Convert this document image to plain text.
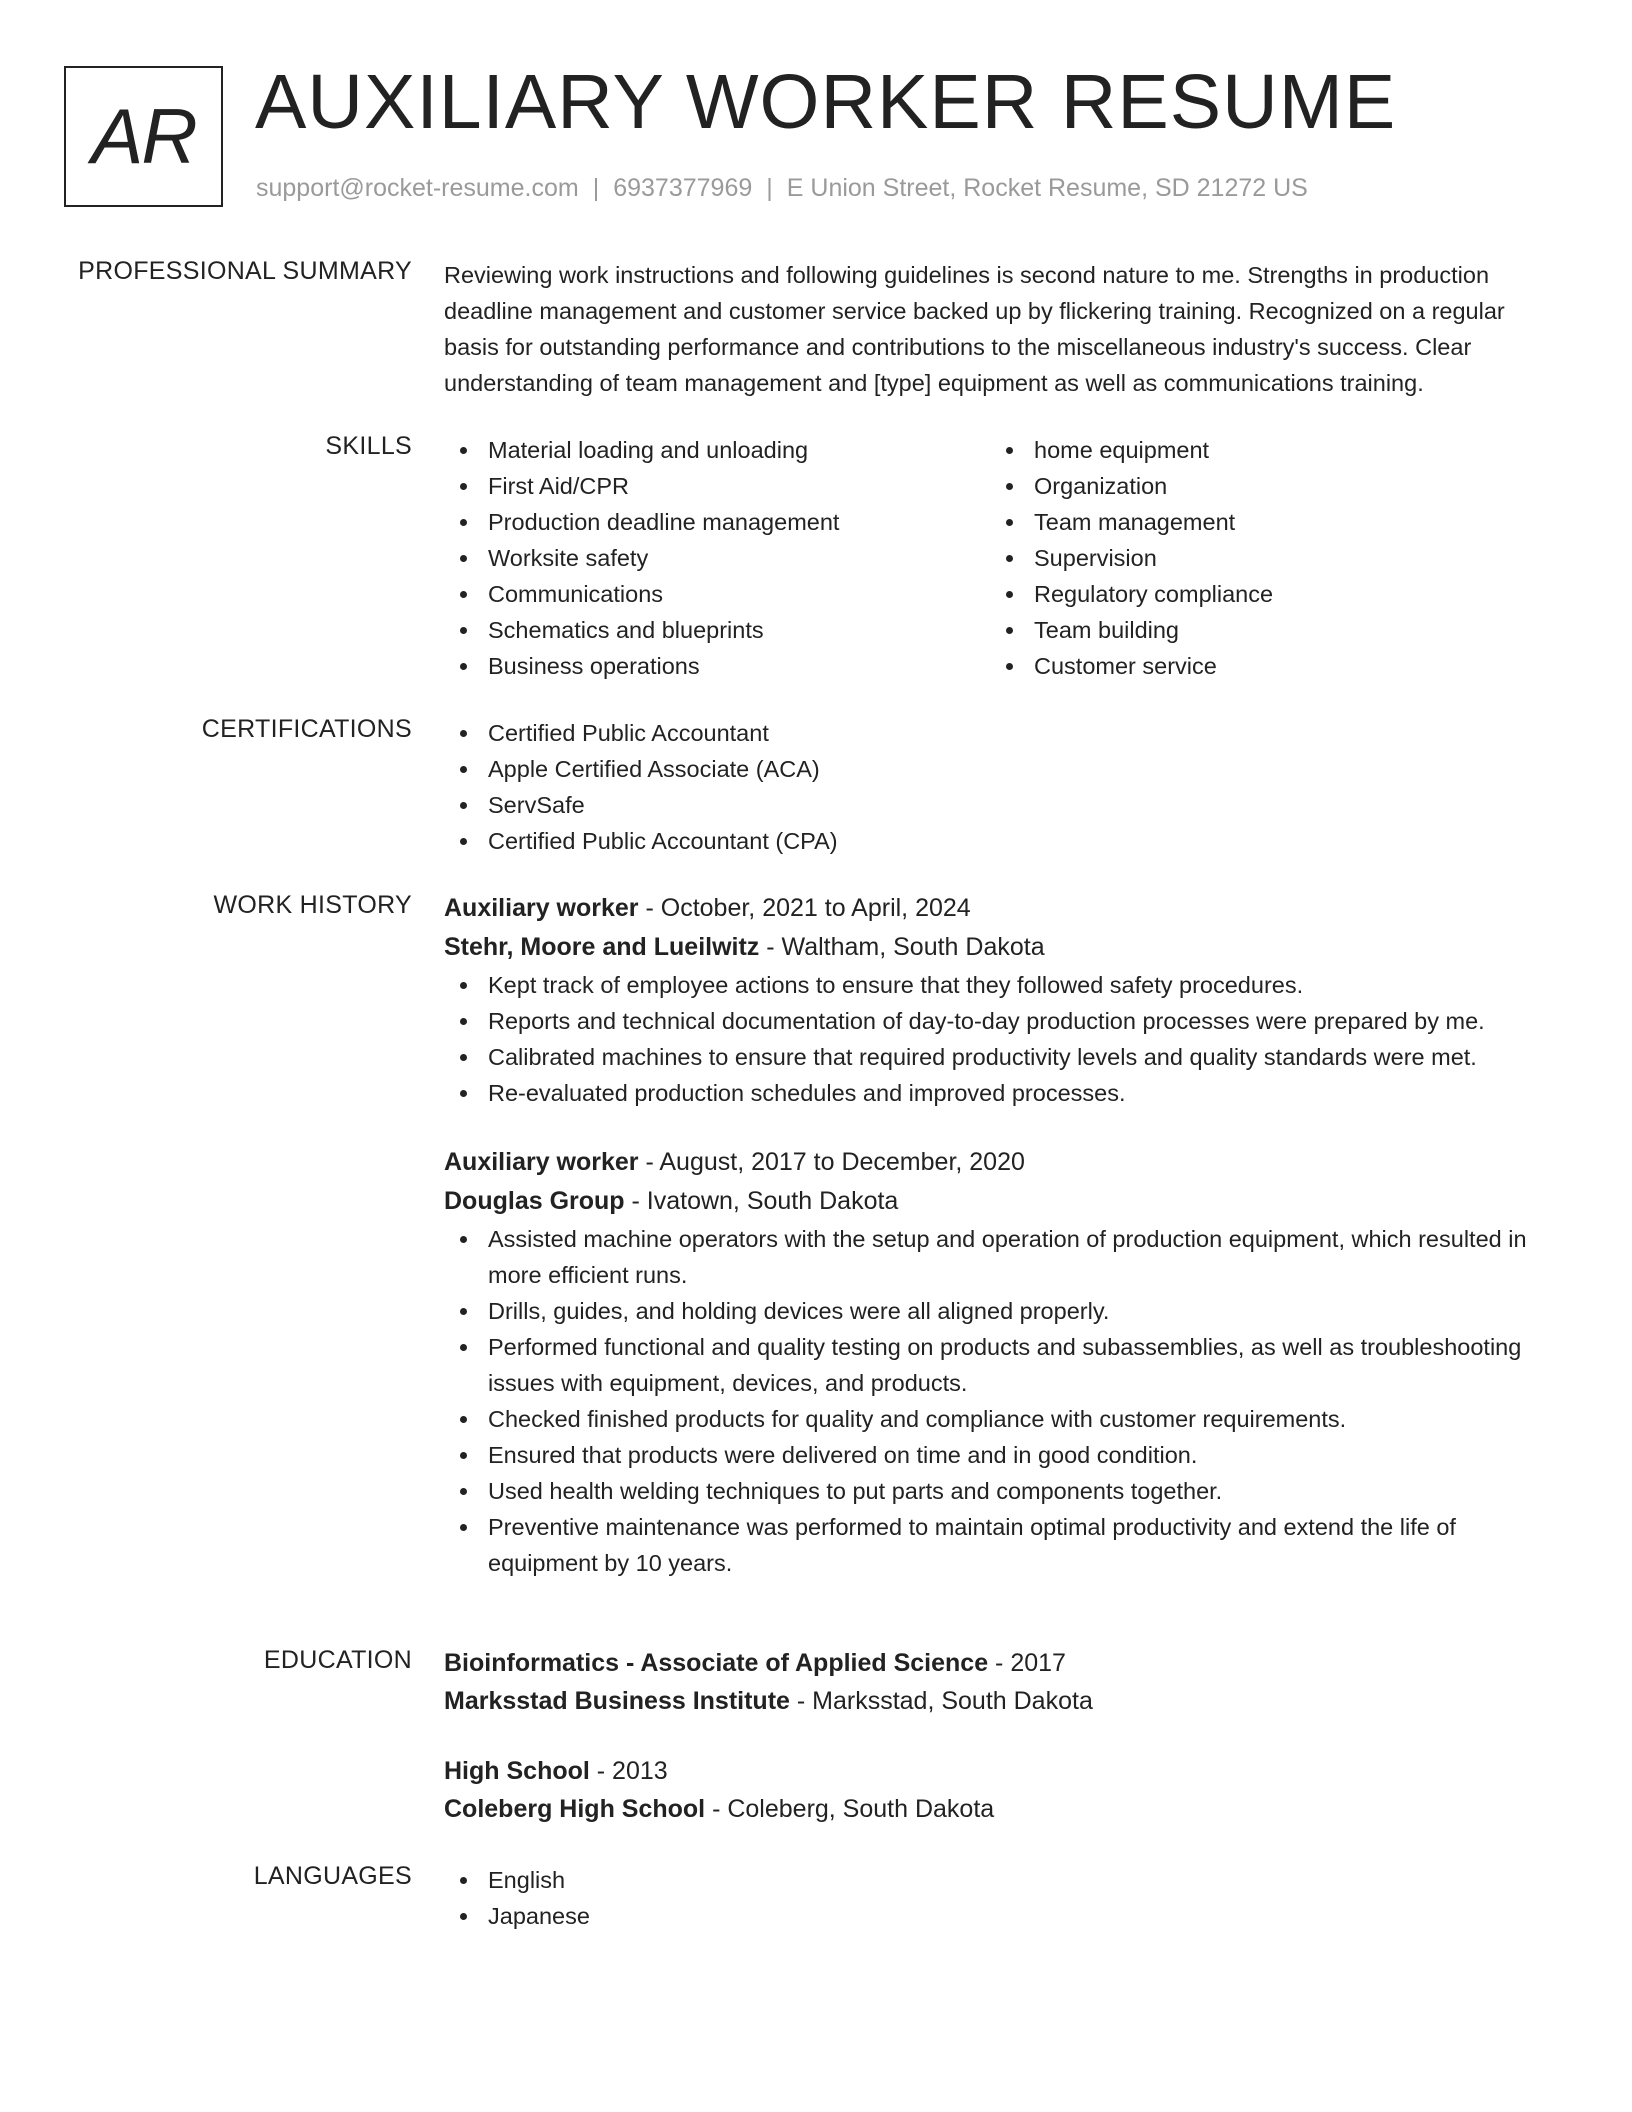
AR AUXILIARY WORKER RESUME
support@rocket-resume.com | 6937377969 | E Union Street, Rocket Resume, SD 21272 US
PROFESSIONAL SUMMARY Reviewing work instructions and following guidelines is second nature to me. Strengths in production deadline management and customer service backed up by flickering training. Recognized on a regular basis for outstanding performance and contributions to the miscellaneous industry's success. Clear understanding of team management and [type] equipment as well as communications training.

SKILLS	Material loading and unloading
First Aid/CPR
Production deadline management
Worksite safety
Communications
Schematics and blueprints
Business operations
home equipment
Organization
Team management
Supervision
Regulatory compliance
Team building
Customer service
CERTIFICATIONS	Certified Public Accountant
Apple Certified Associate (ACA)
ServSafe
Certified Public Accountant (CPA)
WORK HISTORY Auxiliary worker - October, 2021 to April, 2024
Stehr, Moore and Lueilwitz - Waltham, South Dakota
Kept track of employee actions to ensure that they followed safety procedures.
Reports and technical documentation of day-to-day production processes were prepared by me.
Calibrated machines to ensure that required productivity levels and quality standards were met.
Re-evaluated production schedules and improved processes.
Auxiliary worker - August, 2017 to December, 2020
Douglas Group - Ivatown, South Dakota
Assisted machine operators with the setup and operation of production equipment, which resulted in more efficient runs.
Drills, guides, and holding devices were all aligned properly.
Performed functional and quality testing on products and subassemblies, as well as troubleshooting issues with equipment, devices, and products.
Checked finished products for quality and compliance with customer requirements.
Ensured that products were delivered on time and in good condition.
Used health welding techniques to put parts and components together.
Preventive maintenance was performed to maintain optimal productivity and extend the life of equipment by 10 years.
EDUCATION Bioinformatics - Associate of Applied Science - 2017
Marksstad Business Institute - Marksstad, South Dakota
High School - 2013
Coleberg High School - Coleberg, South Dakota
LANGUAGES	English
Japanese
